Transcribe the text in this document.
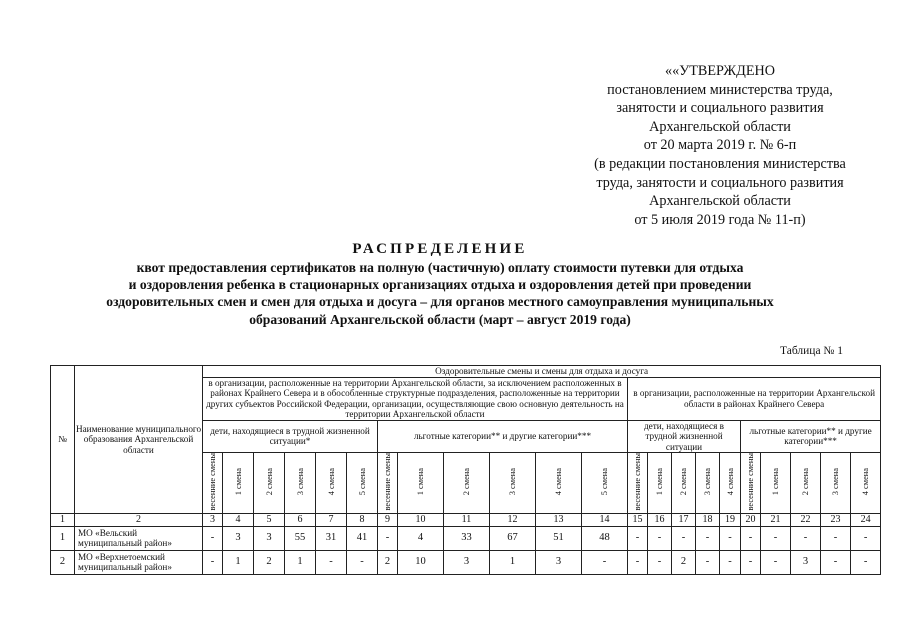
««УТВЕРЖДЕНО
постановлением министерства труда,
занятости и социального развития
Архангельской области
от 20 марта 2019 г. № 6-п
(в редакции постановления министерства
труда, занятости и социального развития
Архангельской области
от 5 июля 2019 года № 11-п)
РАСПРЕДЕЛЕНИЕ
квот предоставления сертификатов на полную (частичную) оплату стоимости путевки для отдыха
и оздоровления ребенка в стационарных организациях отдыха и оздоровления детей при проведении
оздоровительных смен и смен для отдыха и досуга – для органов местного самоуправления муниципальных
образований Архангельской области (март – август 2019 года)
Таблица № 1
№	Наименование муниципального образования Архангельской области	Оздоровительные смены и смены для отдыха и досуга																					
		в организации, расположенные на территории Архангельской области, за исключением расположенных в районах Крайнего Севера и в обособленные структурные подразделения, расположенные на территории других субъектов Российской Федерации, организации, осуществляющие свою основную деятельность на территории Архангельской области												в организации, расположенные на территории Архангельской области в районах Крайнего Севера									
		дети, находящиеся в трудной жизненной ситуации*						льготные категории** и другие категории***						дети, находящиеся в трудной жизненной ситуации					льготные категории** и другие категории***				
		весенние смены	1 смена	2 смена	3 смена	4 смена	5 смена	весенние смены	1 смена	2 смена	3 смена	4 смена	5 смена	весенние смены	1 смена	2 смена	3 смена	4 смена	весенние смены	1 смена	2 смена	3 смена	4 смена
1	2	3	4	5	6	7	8	9	10	11	12	13	14	15	16	17	18	19	20	21	22	23	24
1	МО «Вельский муниципальный район»	-	3	3	55	31	41	-	4	33	67	51	48	-	-	-	-	-	-	-	-	-	-
2	МО «Верхнетоемский муниципальный район»	-	1	2	1	-	-	2	10	3	1	3	-	-	-	2	-	-	-	-	3	-	-
